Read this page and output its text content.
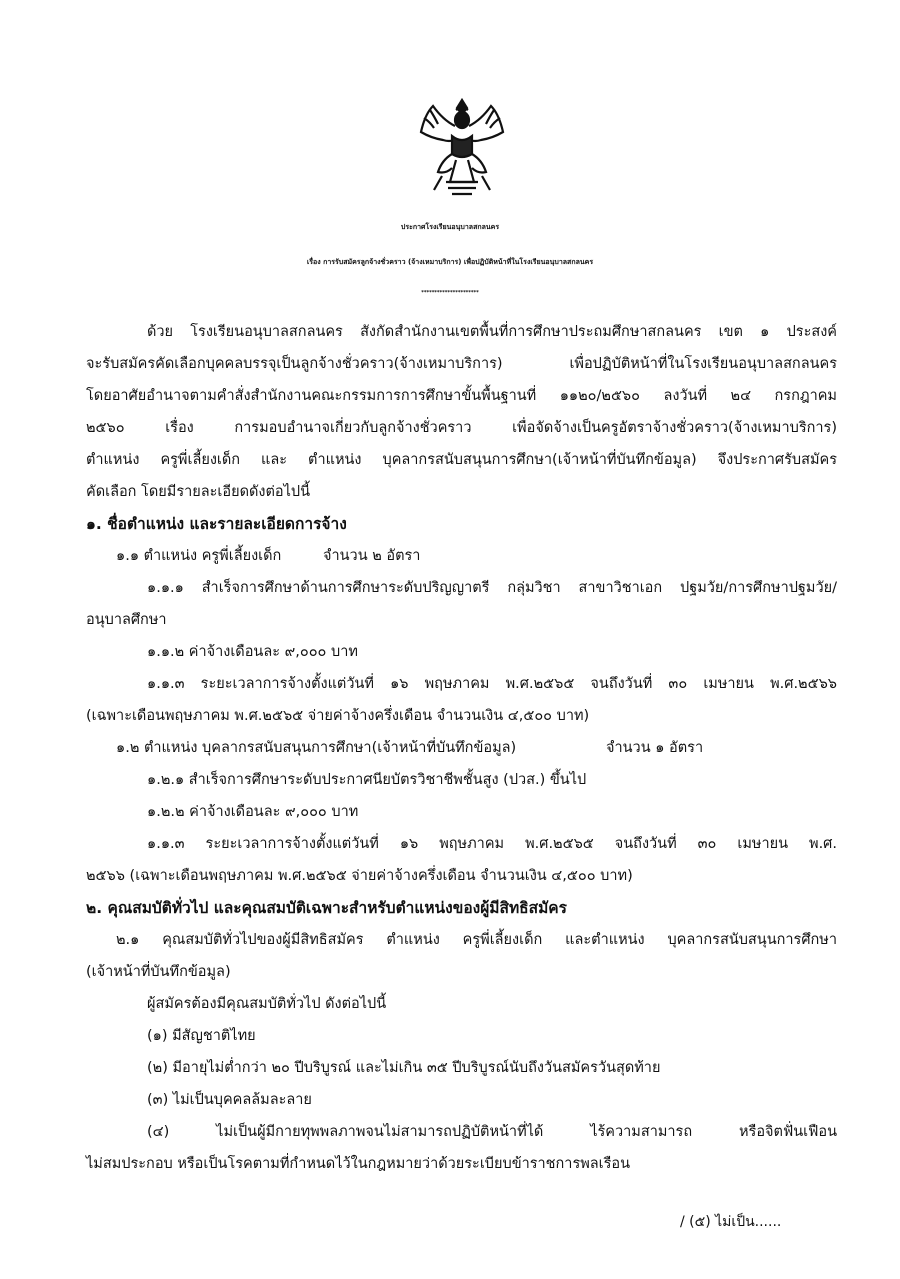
ประกาศโรงเรียนอนุบาลสกลนคร
เรื่อง การรับสมัครลูกจ้างชั่วคราว (จ้างเหมาบริการ) เพื่อปฏิบัติหน้าที่ในโรงเรียนอนุบาลสกลนคร
**********************
ด้วย โรงเรียนอนุบาลสกลนคร สังกัดสำนักงานเขตพื้นที่การศึกษาประถมศึกษาสกลนคร เขต ๑ ประสงค์
จะรับสมัครคัดเลือกบุคคลบรรจุเป็นลูกจ้างชั่วคราว(จ้างเหมาบริการ) เพื่อปฏิบัติหน้าที่ในโรงเรียนอนุบาลสกลนคร
โดยอาศัยอำนาจตามคำสั่งสำนักงานคณะกรรมการการศึกษาขั้นพื้นฐานที่ ๑๑๒๐/๒๕๖๐ ลงวันที่ ๒๔ กรกฎาคม
๒๕๖๐ เรื่อง การมอบอำนาจเกี่ยวกับลูกจ้างชั่วคราว เพื่อจัดจ้างเป็นครูอัตราจ้างชั่วคราว(จ้างเหมาบริการ)
ตำแหน่ง ครูพี่เลี้ยงเด็ก และ ตำแหน่ง บุคลากรสนับสนุนการศึกษา(เจ้าหน้าที่บันทึกข้อมูล) จึงประกาศรับสมัคร
คัดเลือก โดยมีรายละเอียดดังต่อไปนี้
๑. ชื่อตำแหน่ง และรายละเอียดการจ้าง
๑.๑ ตำแหน่ง ครูพี่เลี้ยงเด็ก	จำนวน ๒ อัตรา
๑.๑.๑ สำเร็จการศึกษาด้านการศึกษาระดับปริญญาตรี กลุ่มวิชา สาขาวิชาเอก ปฐมวัย/การศึกษาปฐมวัย/
อนุบาลศึกษา
๑.๑.๒ ค่าจ้างเดือนละ ๙,๐๐๐ บาท
๑.๑.๓ ระยะเวลาการจ้างตั้งแต่วันที่ ๑๖ พฤษภาคม พ.ศ.๒๕๖๕ จนถึงวันที่ ๓๐ เมษายน พ.ศ.๒๕๖๖
(เฉพาะเดือนพฤษภาคม พ.ศ.๒๕๖๕ จ่ายค่าจ้างครึ่งเดือน จำนวนเงิน ๔,๕๐๐ บาท)
๑.๒ ตำแหน่ง บุคลากรสนับสนุนการศึกษา(เจ้าหน้าที่บันทึกข้อมูล)	จำนวน ๑ อัตรา
๑.๒.๑ สำเร็จการศึกษาระดับประกาศนียบัตรวิชาชีพชั้นสูง (ปวส.) ขึ้นไป
๑.๒.๒ ค่าจ้างเดือนละ ๙,๐๐๐ บาท
๑.๑.๓ ระยะเวลาการจ้างตั้งแต่วันที่ ๑๖ พฤษภาคม พ.ศ.๒๕๖๕ จนถึงวันที่ ๓๐ เมษายน พ.ศ.
๒๕๖๖ (เฉพาะเดือนพฤษภาคม พ.ศ.๒๕๖๕ จ่ายค่าจ้างครึ่งเดือน จำนวนเงิน ๔,๕๐๐ บาท)
๒. คุณสมบัติทั่วไป และคุณสมบัติเฉพาะสำหรับตำแหน่งของผู้มีสิทธิสมัคร
๒.๑ คุณสมบัติทั่วไปของผู้มีสิทธิสมัคร ตำแหน่ง ครูพี่เลี้ยงเด็ก และตำแหน่ง บุคลากรสนับสนุนการศึกษา
(เจ้าหน้าที่บันทึกข้อมูล)
ผู้สมัครต้องมีคุณสมบัติทั่วไป ดังต่อไปนี้
(๑) มีสัญชาติไทย
(๒) มีอายุไม่ต่ำกว่า ๒๐ ปีบริบูรณ์ และไม่เกิน ๓๕ ปีบริบูรณ์นับถึงวันสมัครวันสุดท้าย
(๓) ไม่เป็นบุคคลล้มละลาย
(๔) ไม่เป็นผู้มีกายทุพพลภาพจนไม่สามารถปฏิบัติหน้าที่ได้ ไร้ความสามารถ หรือจิตฟั่นเฟือน
ไม่สมประกอบ หรือเป็นโรคตามที่กำหนดไว้ในกฎหมายว่าด้วยระเบียบข้าราชการพลเรือน
/ (๕) ไม่เป็น......
